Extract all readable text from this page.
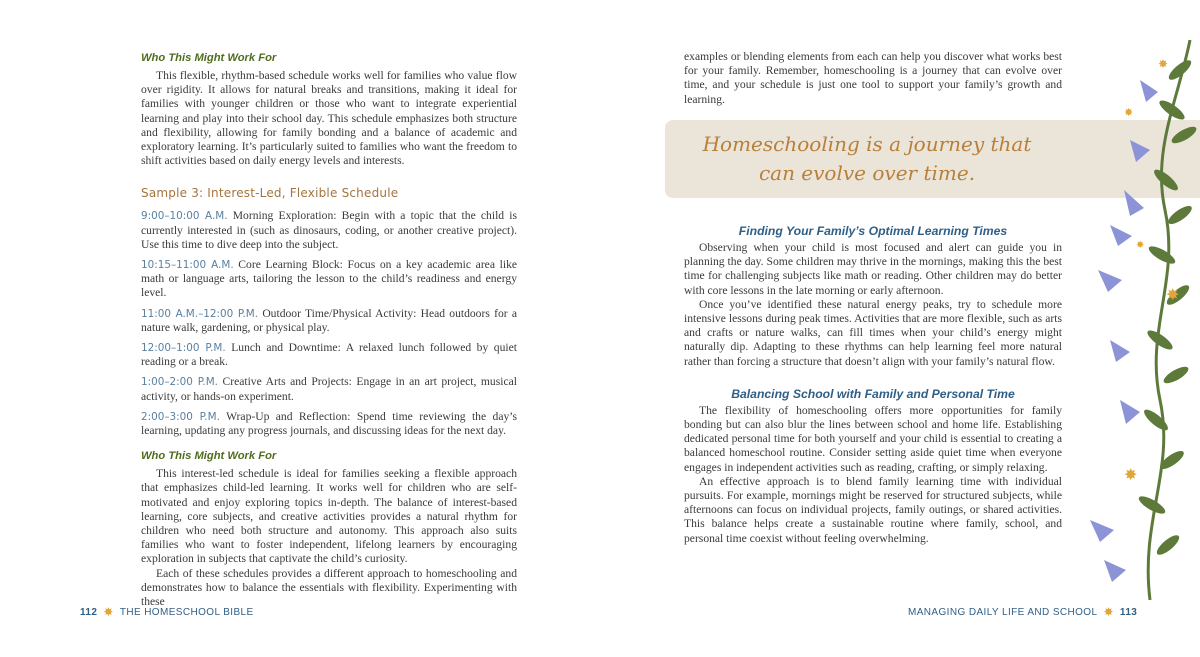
Who This Might Work For

This flexible, rhythm-based schedule works well for families who value flow over rigidity. It allows for natural breaks and transitions, making it ideal for families with younger children or those who want to integrate experiential learning and play into their school day. This schedule emphasizes both structure and flexibility, allowing for family bonding and a balance of academic and exploratory learning. It’s particularly suited to families who want the freedom to shift activities based on daily energy levels and interests.

Sample 3: Interest-Led, Flexible Schedule

9:00–10:00 A.M. Morning Exploration: Begin with a topic that the child is currently interested in (such as dinosaurs, coding, or another creative project). Use this time to dive deep into the subject.

10:15–11:00 A.M. Core Learning Block: Focus on a key academic area like math or language arts, tailoring the lesson to the child’s readiness and energy level.

11:00 A.M.–12:00 P.M. Outdoor Time/Physical Activity: Head outdoors for a nature walk, gardening, or physical play.

12:00–1:00 P.M. Lunch and Downtime: A relaxed lunch followed by quiet reading or a break.

1:00–2:00 P.M. Creative Arts and Projects: Engage in an art project, musical activity, or hands-on experiment.

2:00–3:00 P.M. Wrap-Up and Reflection: Spend time reviewing the day’s learning, updating any progress journals, and discussing ideas for the next day.

Who This Might Work For

This interest-led schedule is ideal for families seeking a flexible approach that emphasizes child-led learning. It works well for children who are self-motivated and enjoy exploring topics in-depth. The balance of interest-based learning, core subjects, and creative activities provides a natural rhythm for children who need both structure and autonomy. This approach also suits families who want to foster independent, lifelong learners by encouraging exploration in subjects that captivate the child’s curiosity.

Each of these schedules provides a different approach to homeschooling and demonstrates how to balance the essentials with flexibility. Experimenting with these

112 ✸ THE HOMESCHOOL BIBLE

examples or blending elements from each can help you discover what works best for your family. Remember, homeschooling is a journey that can evolve over time, and your schedule is just one tool to support your family’s growth and learning.

Finding Your Family’s Optimal Learning Times

Observing when your child is most focused and alert can guide you in planning the day. Some children may thrive in the mornings, making this the best time for challenging subjects like math or reading. Other children may do better with core lessons in the late morning or early afternoon.

Once you’ve identified these natural energy peaks, try to schedule more intensive lessons during peak times. Activities that are more flexible, such as arts and crafts or nature walks, can fill times when your child’s energy might naturally dip. Adapting to these rhythms can help learning feel more natural rather than forcing a structure that doesn’t align with your family’s natural flow.

Balancing School with Family and Personal Time

The flexibility of homeschooling offers more opportunities for family bonding but can also blur the lines between school and home life. Establishing dedicated personal time for both yourself and your child is essential to creating a balanced homeschool routine. Consider setting aside quiet time when everyone engages in independent activities such as reading, crafting, or simply relaxing.

An effective approach is to blend family learning time with individual pursuits. For example, mornings might be reserved for structured subjects, while afternoons can focus on individual projects, family outings, or shared activities. This balance helps create a sustainable routine where family, school, and personal time coexist without feeling overwhelming.

MANAGING DAILY LIFE AND SCHOOL ✸ 113
Homeschooling is a journey that
can evolve over time.
✸
✸
✸
✸
✸
